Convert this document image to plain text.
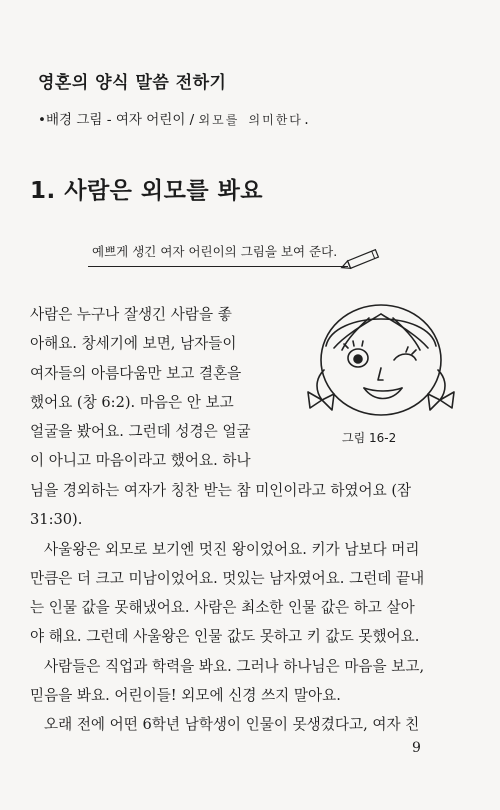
영혼의 양식 말씀 전하기
•배경 그림 - 여자 어린이 / 외모를 의미한다.
1. 사람은 외모를 봐요
예쁘게 생긴 여자 어린이의 그림을 보여 준다.

사람은 누구나 잘생긴 사람을 좋

아해요. 창세기에 보면, 남자들이

여자들의 아름다움만 보고 결혼을

했어요 (창 6:2). 마음은 안 보고

얼굴을 봤어요. 그런데 성경은 얼굴

이 아니고 마음이라고 했어요. 하나

그림 16-2

님을 경외하는 여자가 칭찬 받는 참 미인이라고 하였어요 (잠

31:30).

사울왕은 외모로 보기엔 멋진 왕이었어요. 키가 남보다 머리

만큼은 더 크고 미남이었어요. 멋있는 남자였어요. 그런데 끝내

는 인물 값을 못해냈어요. 사람은 최소한 인물 값은 하고 살아

야 해요. 그런데 사울왕은 인물 값도 못하고 키 값도 못했어요.

사람들은 직업과 학력을 봐요. 그러나 하나님은 마음을 보고,

믿음을 봐요. 어린이들! 외모에 신경 쓰지 말아요.

오래 전에 어떤 6학년 남학생이 인물이 못생겼다고, 여자 친

9
